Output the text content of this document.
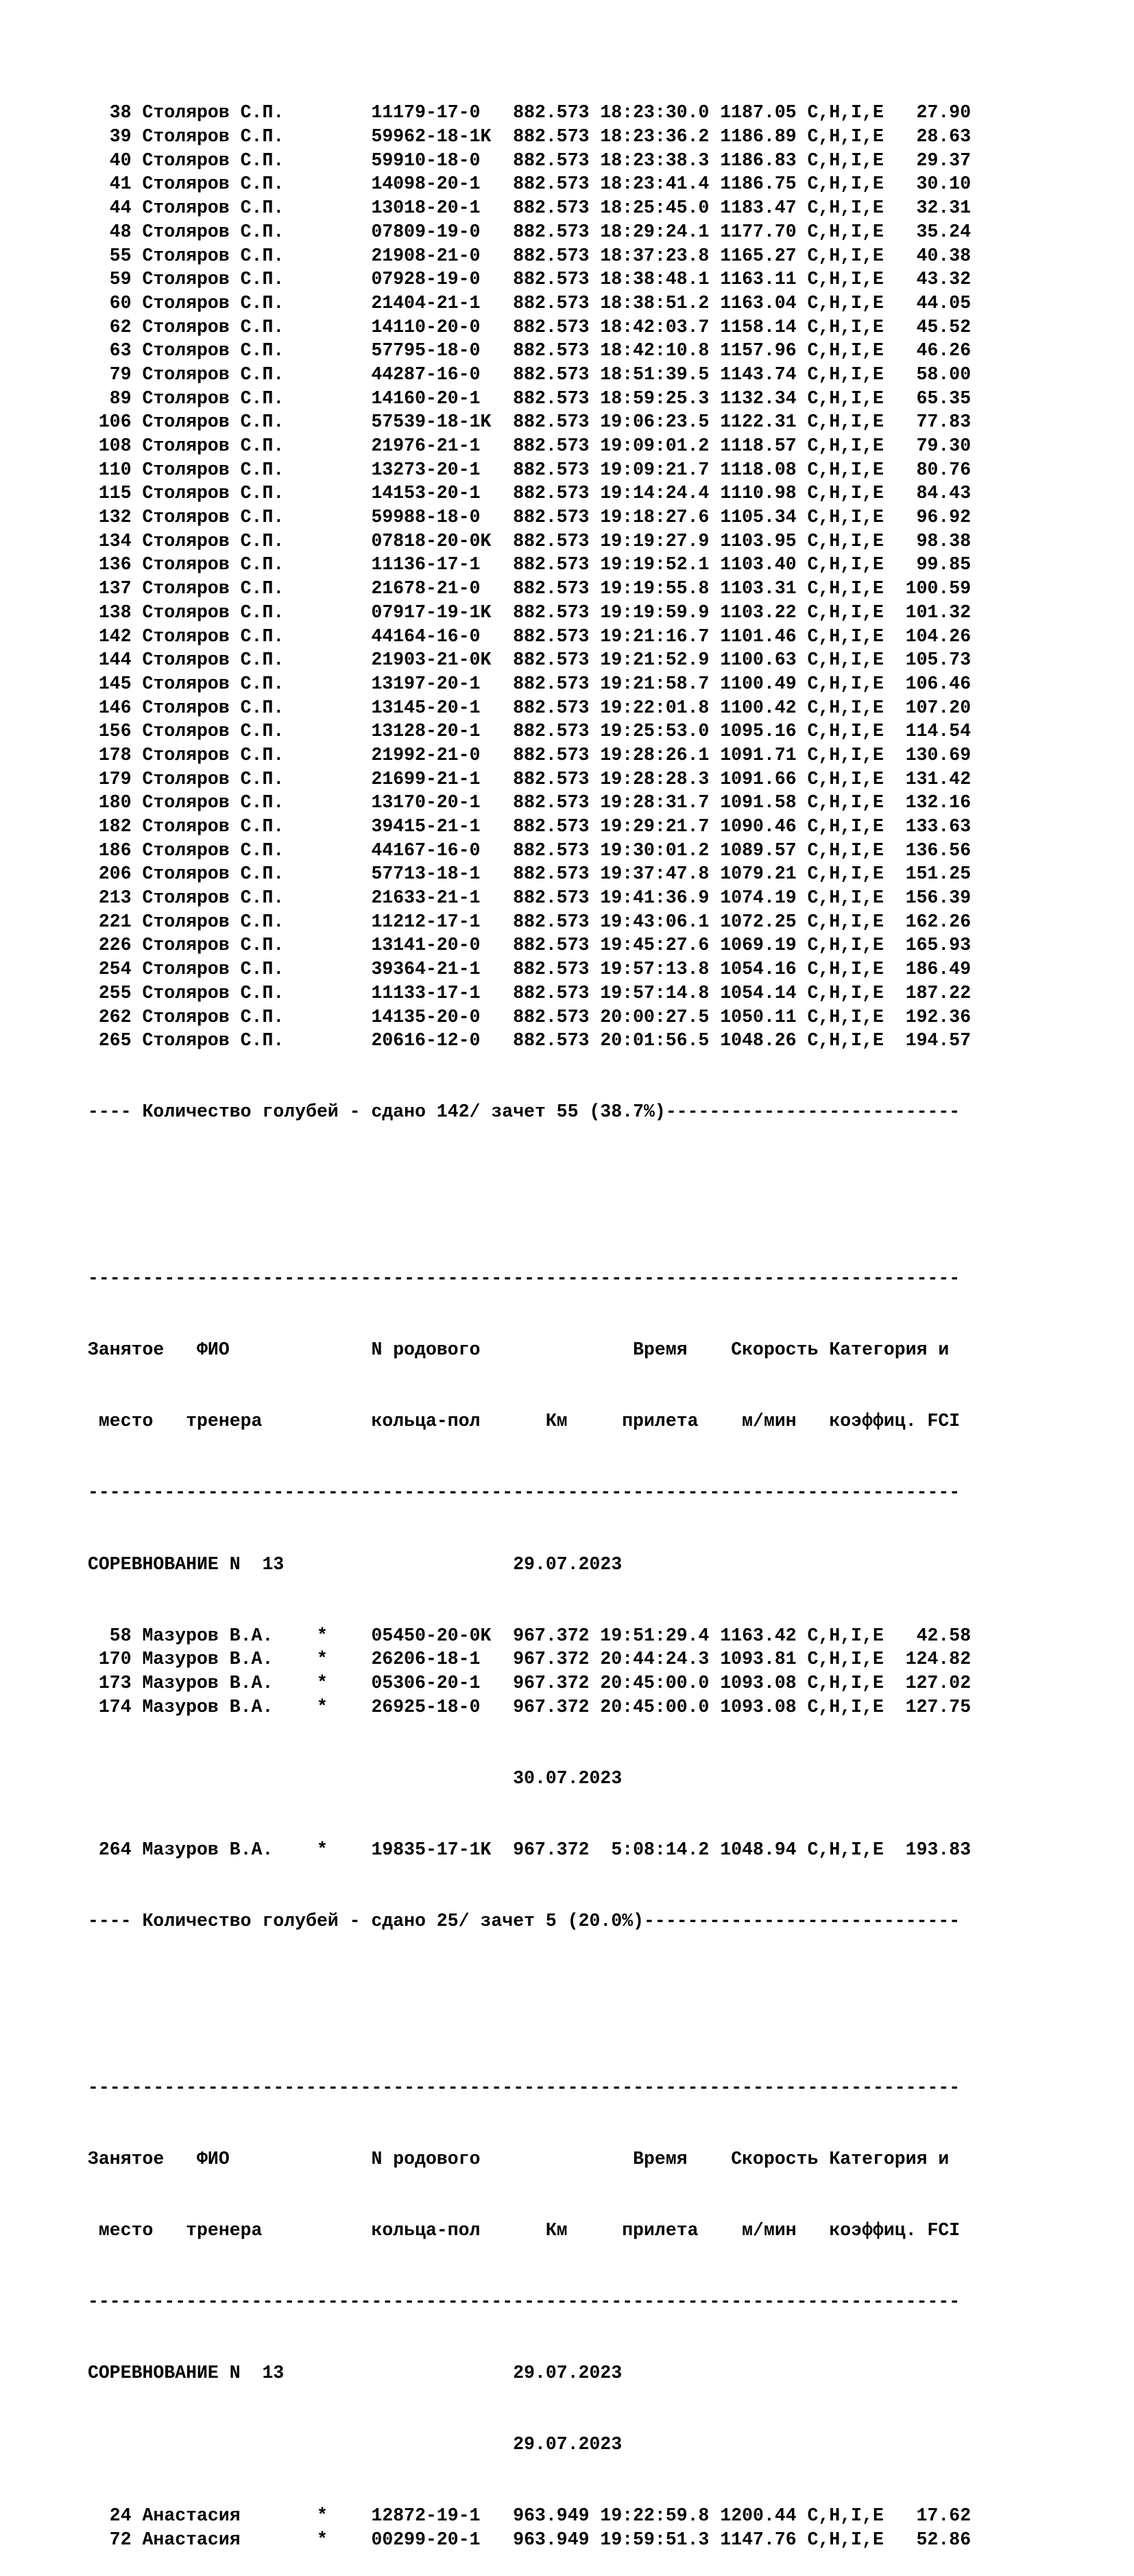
38 Столяров С.П.        11179-17-0   882.573 18:23:30.0 1187.05 C,H,I,E   27.90
39 Столяров С.П.        59962-18-1K  882.573 18:23:36.2 1186.89 C,H,I,E   28.63
40 Столяров С.П.        59910-18-0   882.573 18:23:38.3 1186.83 C,H,I,E   29.37
41 Столяров С.П.        14098-20-1   882.573 18:23:41.4 1186.75 C,H,I,E   30.10
44 Столяров С.П.        13018-20-1   882.573 18:25:45.0 1183.47 C,H,I,E   32.31
48 Столяров С.П.        07809-19-0   882.573 18:29:24.1 1177.70 C,H,I,E   35.24
55 Столяров С.П.        21908-21-0   882.573 18:37:23.8 1165.27 C,H,I,E   40.38
59 Столяров С.П.        07928-19-0   882.573 18:38:48.1 1163.11 C,H,I,E   43.32
60 Столяров С.П.        21404-21-1   882.573 18:38:51.2 1163.04 C,H,I,E   44.05
62 Столяров С.П.        14110-20-0   882.573 18:42:03.7 1158.14 C,H,I,E   45.52
63 Столяров С.П.        57795-18-0   882.573 18:42:10.8 1157.96 C,H,I,E   46.26
79 Столяров С.П.        44287-16-0   882.573 18:51:39.5 1143.74 C,H,I,E   58.00
89 Столяров С.П.        14160-20-1   882.573 18:59:25.3 1132.34 C,H,I,E   65.35
106 Столяров С.П.        57539-18-1K  882.573 19:06:23.5 1122.31 C,H,I,E   77.83
108 Столяров С.П.        21976-21-1   882.573 19:09:01.2 1118.57 C,H,I,E   79.30
110 Столяров С.П.        13273-20-1   882.573 19:09:21.7 1118.08 C,H,I,E   80.76
115 Столяров С.П.        14153-20-1   882.573 19:14:24.4 1110.98 C,H,I,E   84.43
132 Столяров С.П.        59988-18-0   882.573 19:18:27.6 1105.34 C,H,I,E   96.92
134 Столяров С.П.        07818-20-0K  882.573 19:19:27.9 1103.95 C,H,I,E   98.38
136 Столяров С.П.        11136-17-1   882.573 19:19:52.1 1103.40 C,H,I,E   99.85
137 Столяров С.П.        21678-21-0   882.573 19:19:55.8 1103.31 C,H,I,E  100.59
138 Столяров С.П.        07917-19-1K  882.573 19:19:59.9 1103.22 C,H,I,E  101.32
142 Столяров С.П.        44164-16-0   882.573 19:21:16.7 1101.46 C,H,I,E  104.26
144 Столяров С.П.        21903-21-0K  882.573 19:21:52.9 1100.63 C,H,I,E  105.73
145 Столяров С.П.        13197-20-1   882.573 19:21:58.7 1100.49 C,H,I,E  106.46
146 Столяров С.П.        13145-20-1   882.573 19:22:01.8 1100.42 C,H,I,E  107.20
156 Столяров С.П.        13128-20-1   882.573 19:25:53.0 1095.16 C,H,I,E  114.54
178 Столяров С.П.        21992-21-0   882.573 19:28:26.1 1091.71 C,H,I,E  130.69
179 Столяров С.П.        21699-21-1   882.573 19:28:28.3 1091.66 C,H,I,E  131.42
180 Столяров С.П.        13170-20-1   882.573 19:28:31.7 1091.58 C,H,I,E  132.16
182 Столяров С.П.        39415-21-1   882.573 19:29:21.7 1090.46 C,H,I,E  133.63
186 Столяров С.П.        44167-16-0   882.573 19:30:01.2 1089.57 C,H,I,E  136.56
206 Столяров С.П.        57713-18-1   882.573 19:37:47.8 1079.21 C,H,I,E  151.25
213 Столяров С.П.        21633-21-1   882.573 19:41:36.9 1074.19 C,H,I,E  156.39
221 Столяров С.П.        11212-17-1   882.573 19:43:06.1 1072.25 C,H,I,E  162.26
226 Столяров С.П.        13141-20-0   882.573 19:45:27.6 1069.19 C,H,I,E  165.93
254 Столяров С.П.        39364-21-1   882.573 19:57:13.8 1054.16 C,H,I,E  186.49
255 Столяров С.П.        11133-17-1   882.573 19:57:14.8 1054.14 C,H,I,E  187.22
262 Столяров С.П.        14135-20-0   882.573 20:00:27.5 1050.11 C,H,I,E  192.36
265 Столяров С.П.        20616-12-0   882.573 20:01:56.5 1048.26 C,H,I,E  194.57

---- Количество голубей - сдано 142/ зачет 55 (38.7%)---------------------------

--------------------------------------------------------------------------------

Занятое   ФИО             N родового              Время    Скорость Категория и

место   тренера          кольца-пол      Км     прилета    м/мин   коэффиц. FCI

--------------------------------------------------------------------------------

СОРЕВНОВАНИЕ N  13                     29.07.2023

58 Мазуров В.А.    *    05450-20-0K  967.372 19:51:29.4 1163.42 C,H,I,E   42.58
170 Мазуров В.А.    *    26206-18-1   967.372 20:44:24.3 1093.81 C,H,I,E  124.82
173 Мазуров В.А.    *    05306-20-1   967.372 20:45:00.0 1093.08 C,H,I,E  127.02
174 Мазуров В.А.    *    26925-18-0   967.372 20:45:00.0 1093.08 C,H,I,E  127.75

30.07.2023

264 Мазуров В.А.    *    19835-17-1K  967.372  5:08:14.2 1048.94 C,H,I,E  193.83

---- Количество голубей - сдано 25/ зачет 5 (20.0%)-----------------------------

--------------------------------------------------------------------------------

Занятое   ФИО             N родового              Время    Скорость Категория и

место   тренера          кольца-пол      Км     прилета    м/мин   коэффиц. FCI

--------------------------------------------------------------------------------

СОРЕВНОВАНИЕ N  13                     29.07.2023

29.07.2023

24 Анастасия       *    12872-19-1   963.949 19:22:59.8 1200.44 C,H,I,E   17.62
72 Анастасия       *    00299-20-1   963.949 19:59:51.3 1147.76 C,H,I,E   52.86
